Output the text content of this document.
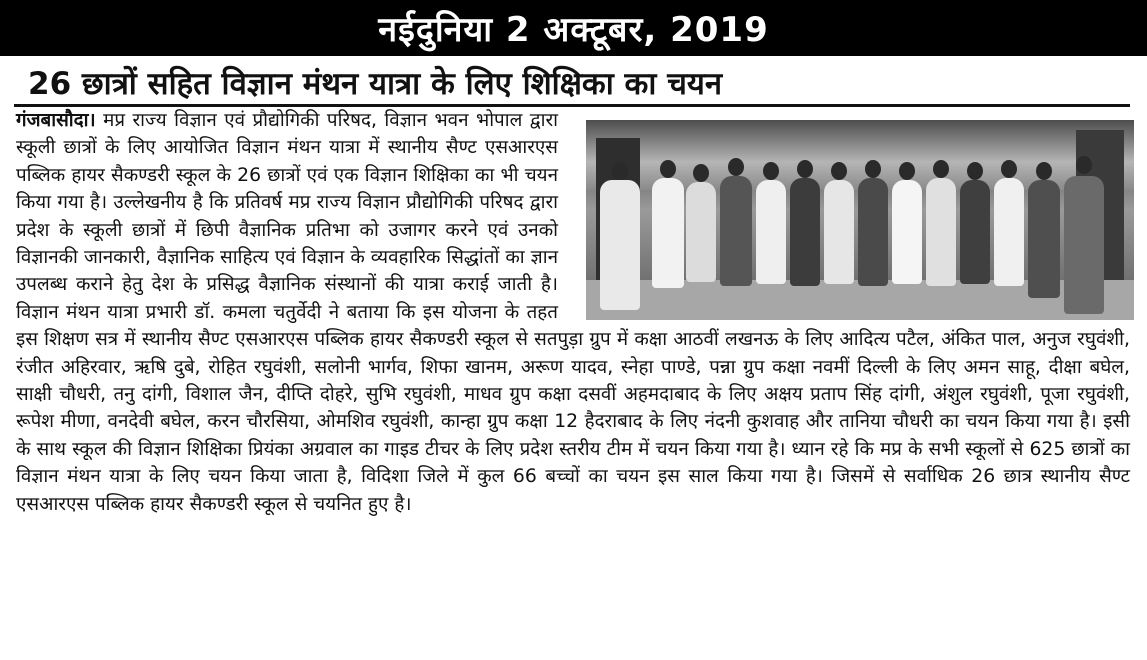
नईदुनिया 2 अक्टूबर, 2019
26 छात्रों सहित विज्ञान मंथन यात्रा के लिए शिक्षिका का चयन
गंजबासौदा। मप्र राज्य विज्ञान एवं प्रौद्योगिकी परिषद, विज्ञान भवन भोपाल द्वारा स्कूली छात्रों के लिए आयोजित विज्ञान मंथन यात्रा में स्थानीय सैण्ट एसआरएस पब्लिक हायर सैकण्डरी स्कूल के 26 छात्रों एवं एक विज्ञान शिक्षिका का भी चयन किया गया है। उल्लेखनीय है कि प्रतिवर्ष मप्र राज्य विज्ञान प्रौद्योगिकी परिषद द्वारा प्रदेश के स्कूली छात्रों में छिपी वैज्ञानिक प्रतिभा को उजागर करने एवं उनको विज्ञानकी जानकारी, वैज्ञानिक साहित्य एवं विज्ञान के व्यवहारिक सिद्धांतों का ज्ञान उपलब्ध कराने हेतु देश के प्रसिद्ध वैज्ञानिक संस्थानों की यात्रा कराई जाती है। विज्ञान मंथन यात्रा प्रभारी डॉ. कमला चतुर्वेदी ने बताया कि इस योजना के तहत इस शिक्षण सत्र में स्थानीय सैण्ट एसआरएस पब्लिक हायर सैकण्डरी स्कूल से सतपुड़ा ग्रुप में कक्षा आठवीं लखनऊ के लिए आदित्य पटैल, अंकित पाल, अनुज रघुवंशी, रंजीत अहिरवार, ऋषि दुबे, रोहित रघुवंशी, सलोनी भार्गव, शिफा खानम, अरूण यादव, स्नेहा पाण्डे, पन्ना ग्रुप कक्षा नवमीं दिल्ली के लिए अमन साहू, दीक्षा बघेल, साक्षी चौधरी, तनु दांगी, विशाल जैन, दीप्ति दोहरे, सुभि रघुवंशी, माधव ग्रुप कक्षा दसवीं अहमदाबाद के लिए अक्षय प्रताप सिंह दांगी, अंशुल रघुवंशी, पूजा रघुवंशी, रूपेश मीणा, वनदेवी बघेल, करन चौरसिया, ओमशिव रघुवंशी, कान्हा ग्रुप कक्षा 12 हैदराबाद के लिए नंदनी कुशवाह और तानिया चौधरी का चयन किया गया है। इसी के साथ स्कूल की विज्ञान शिक्षिका प्रियंका अग्रवाल का गाइड टीचर के लिए प्रदेश स्तरीय टीम में चयन किया गया है। ध्यान रहे कि मप्र के सभी स्कूलों से 625 छात्रों का विज्ञान मंथन यात्रा के लिए चयन किया जाता है, विदिशा जिले में कुल 66 बच्चों का चयन इस साल किया गया है। जिसमें से सर्वाधिक 26 छात्र स्थानीय सैण्ट एसआरएस पब्लिक हायर सैकण्डरी स्कूल से चयनित हुए है।
